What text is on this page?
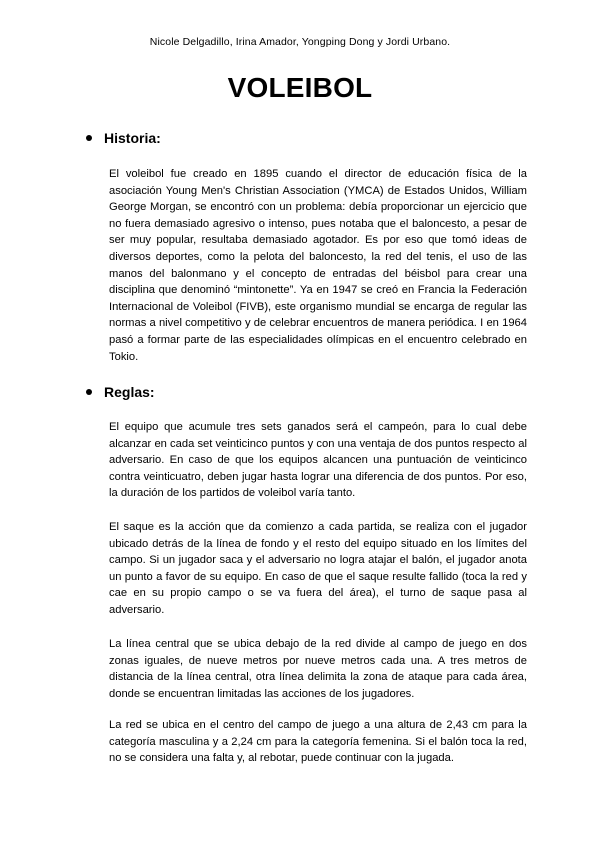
Nicole Delgadillo, Irina Amador, Yongping Dong y Jordi Urbano.
VOLEIBOL
Historia:
El voleibol fue creado en 1895 cuando el director de educación física de la asociación Young Men's Christian Association (YMCA) de Estados Unidos, William George Morgan, se encontró con un problema: debía proporcionar un ejercicio que no fuera demasiado agresivo o intenso, pues notaba que el baloncesto, a pesar de ser muy popular, resultaba demasiado agotador. Es por eso que tomó ideas de diversos deportes, como la pelota del baloncesto, la red del tenis, el uso de las manos del balonmano y el concepto de entradas del béisbol para crear una disciplina que denominó “mintonette”. Ya en 1947 se creó en Francia la Federación Internacional de Voleibol (FIVB), este organismo mundial se encarga de regular las normas a nivel competitivo y de celebrar encuentros de manera periódica. I en 1964 pasó a formar parte de las especialidades olímpicas en el encuentro celebrado en Tokio.
Reglas:
El equipo que acumule tres sets ganados será el campeón, para lo cual debe alcanzar en cada set veinticinco puntos y con una ventaja de dos puntos respecto al adversario. En caso de que los equipos alcancen una puntuación de veinticinco contra veinticuatro, deben jugar hasta lograr una diferencia de dos puntos. Por eso, la duración de los partidos de voleibol varía tanto.
El saque es la acción que da comienzo a cada partida, se realiza con el jugador ubicado detrás de la línea de fondo y el resto del equipo situado en los límites del campo. Si un jugador saca y el adversario no logra atajar el balón, el jugador anota un punto a favor de su equipo. En caso de que el saque resulte fallido (toca la red y cae en su propio campo o se va fuera del área), el turno de saque pasa al adversario.
La línea central que se ubica debajo de la red divide al campo de juego en dos zonas iguales, de nueve metros por nueve metros cada una. A tres metros de distancia de la línea central, otra línea delimita la zona de ataque para cada área, donde se encuentran limitadas las acciones de los jugadores.
La red se ubica en el centro del campo de juego a una altura de 2,43 cm para la categoría masculina y a 2,24 cm para la categoría femenina. Si el balón toca la red, no se considera una falta y, al rebotar, puede continuar con la jugada.
